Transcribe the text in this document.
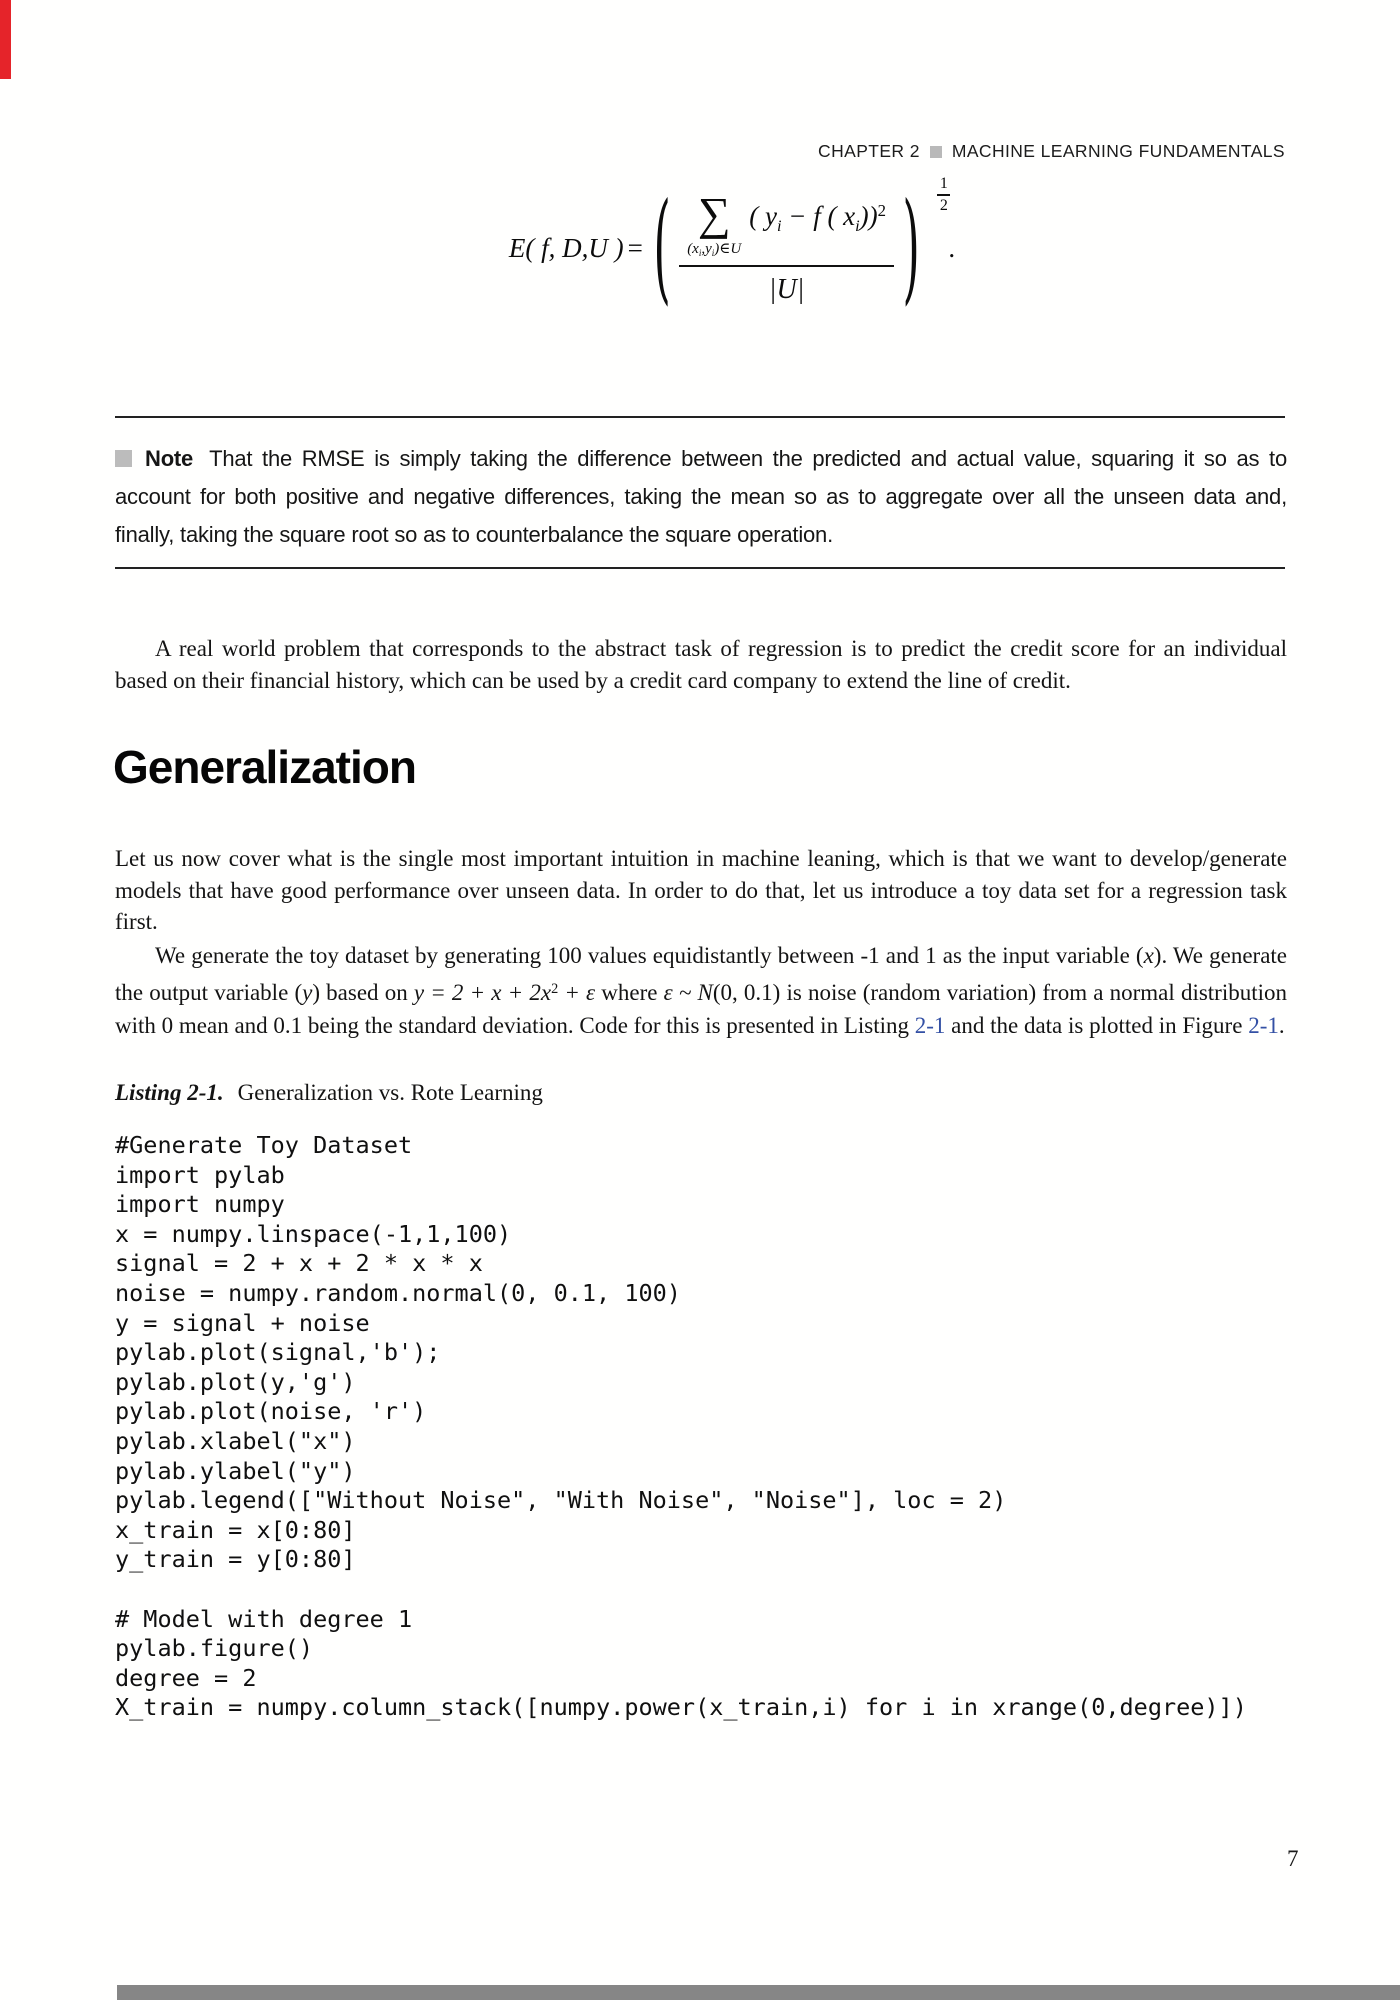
CHAPTER 2 MACHINE LEARNING FUNDAMENTALS
E( f, D,U ) = ( ∑
$(x_i,y_i)\in U$
( $y_i - f$ ( $x_i))^2$
|U| ) 1
2
.
Note That the RMSE is simply taking the difference between the predicted and actual value, squaring it so as to account for both positive and negative differences, taking the mean so as to aggregate over all the unseen data and, finally, taking the square root so as to counterbalance the square operation.

A real world problem that corresponds to the abstract task of regression is to predict the credit score for an individual based on their financial history, which can be used by a credit card company to extend the line of credit.

Generalization

Let us now cover what is the single most important intuition in machine leaning, which is that we want to develop/generate models that have good performance over unseen data. In order to do that, let us introduce a toy data set for a regression task first.

We generate the toy dataset by generating 100 values equidistantly between -1 and 1 as the input variable (x). We generate the output variable (y) based on $y = 2 + x + 2x^2 + \varepsilon$ where ε ~ N(0, 0.1) is noise (random variation) from a normal distribution with 0 mean and 0.1 being the standard deviation. Code for this is presented in Listing 2-1 and the data is plotted in Figure 2-1.

Listing 2-1. Generalization vs. Rote Learning
#Generate Toy Dataset
import pylab
import numpy
x = numpy.linspace(-1,1,100)
signal = 2 + x + 2 * x * x
noise = numpy.random.normal(0, 0.1, 100)
y = signal + noise
pylab.plot(signal,'b');
pylab.plot(y,'g')
pylab.plot(noise, 'r')
pylab.xlabel("x")
pylab.ylabel("y")
pylab.legend(["Without Noise", "With Noise", "Noise"], loc = 2)
x_train = x[0:80]
y_train = y[0:80]
# Model with degree 1
pylab.figure()
degree = 2
X_train = numpy.column_stack([numpy.power(x_train,i) for i in xrange(0,degree)])
7
